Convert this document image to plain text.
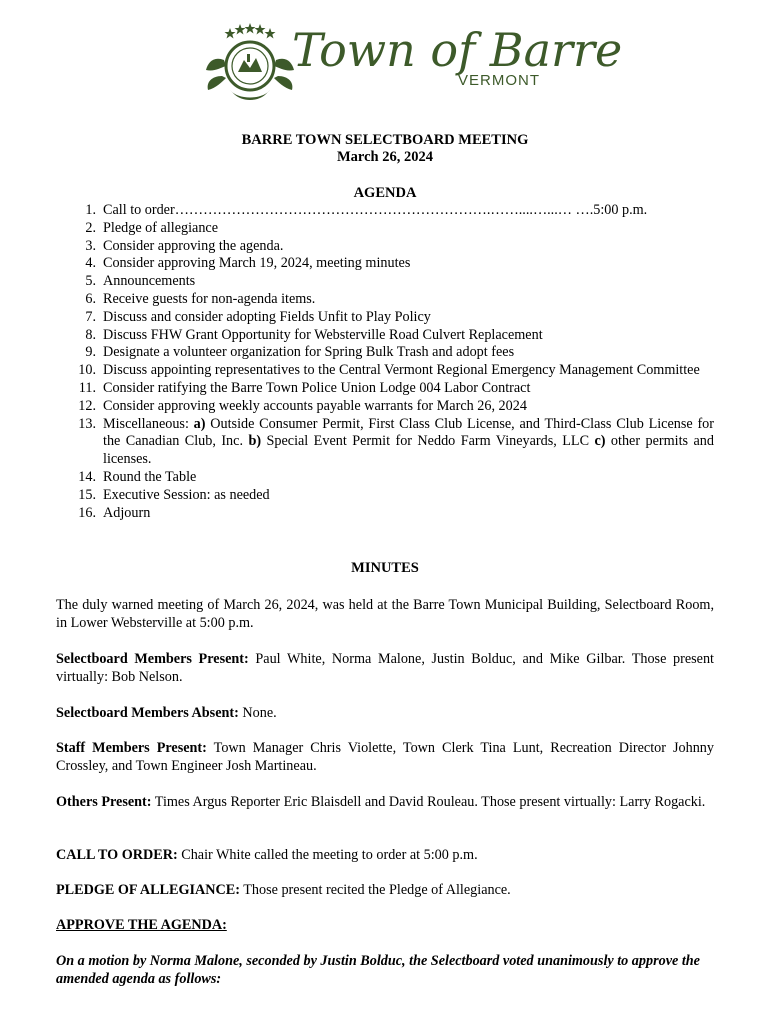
Town of Barre
VERMONT
BARRE TOWN SELECTBOARD MEETING
March 26, 2024
AGENDA
1. Call to order………………………………………………………….……....…...… ….5:00 p.m.
2. Pledge of allegiance
3. Consider approving the agenda.
4. Consider approving March 19, 2024, meeting minutes
5. Announcements
6. Receive guests for non-agenda items.
7. Discuss and consider adopting Fields Unfit to Play Policy
8. Discuss FHW Grant Opportunity for Websterville Road Culvert Replacement
9. Designate a volunteer organization for Spring Bulk Trash and adopt fees
10. Discuss appointing representatives to the Central Vermont Regional Emergency Management Committee
11. Consider ratifying the Barre Town Police Union Lodge 004 Labor Contract
12. Consider approving weekly accounts payable warrants for March 26, 2024
13. Miscellaneous: a) Outside Consumer Permit, First Class Club License, and Third-Class Club License for the Canadian Club, Inc. b) Special Event Permit for Neddo Farm Vineyards, LLC c) other permits and licenses.
14. Round the Table
15. Executive Session: as needed
16. Adjourn
MINUTES

The duly warned meeting of March 26, 2024, was held at the Barre Town Municipal Building, Selectboard Room, in Lower Websterville at 5:00 p.m.

Selectboard Members Present: Paul White, Norma Malone, Justin Bolduc, and Mike Gilbar. Those present virtually: Bob Nelson.

Selectboard Members Absent: None.

Staff Members Present: Town Manager Chris Violette, Town Clerk Tina Lunt, Recreation Director Johnny Crossley, and Town Engineer Josh Martineau.

Others Present: Times Argus Reporter Eric Blaisdell and David Rouleau. Those present virtually: Larry Rogacki.

CALL TO ORDER: Chair White called the meeting to order at 5:00 p.m.

PLEDGE OF ALLEGIANCE: Those present recited the Pledge of Allegiance.

APPROVE THE AGENDA:

On a motion by Norma Malone, seconded by Justin Bolduc, the Selectboard voted unanimously to approve the amended agenda as follows:
